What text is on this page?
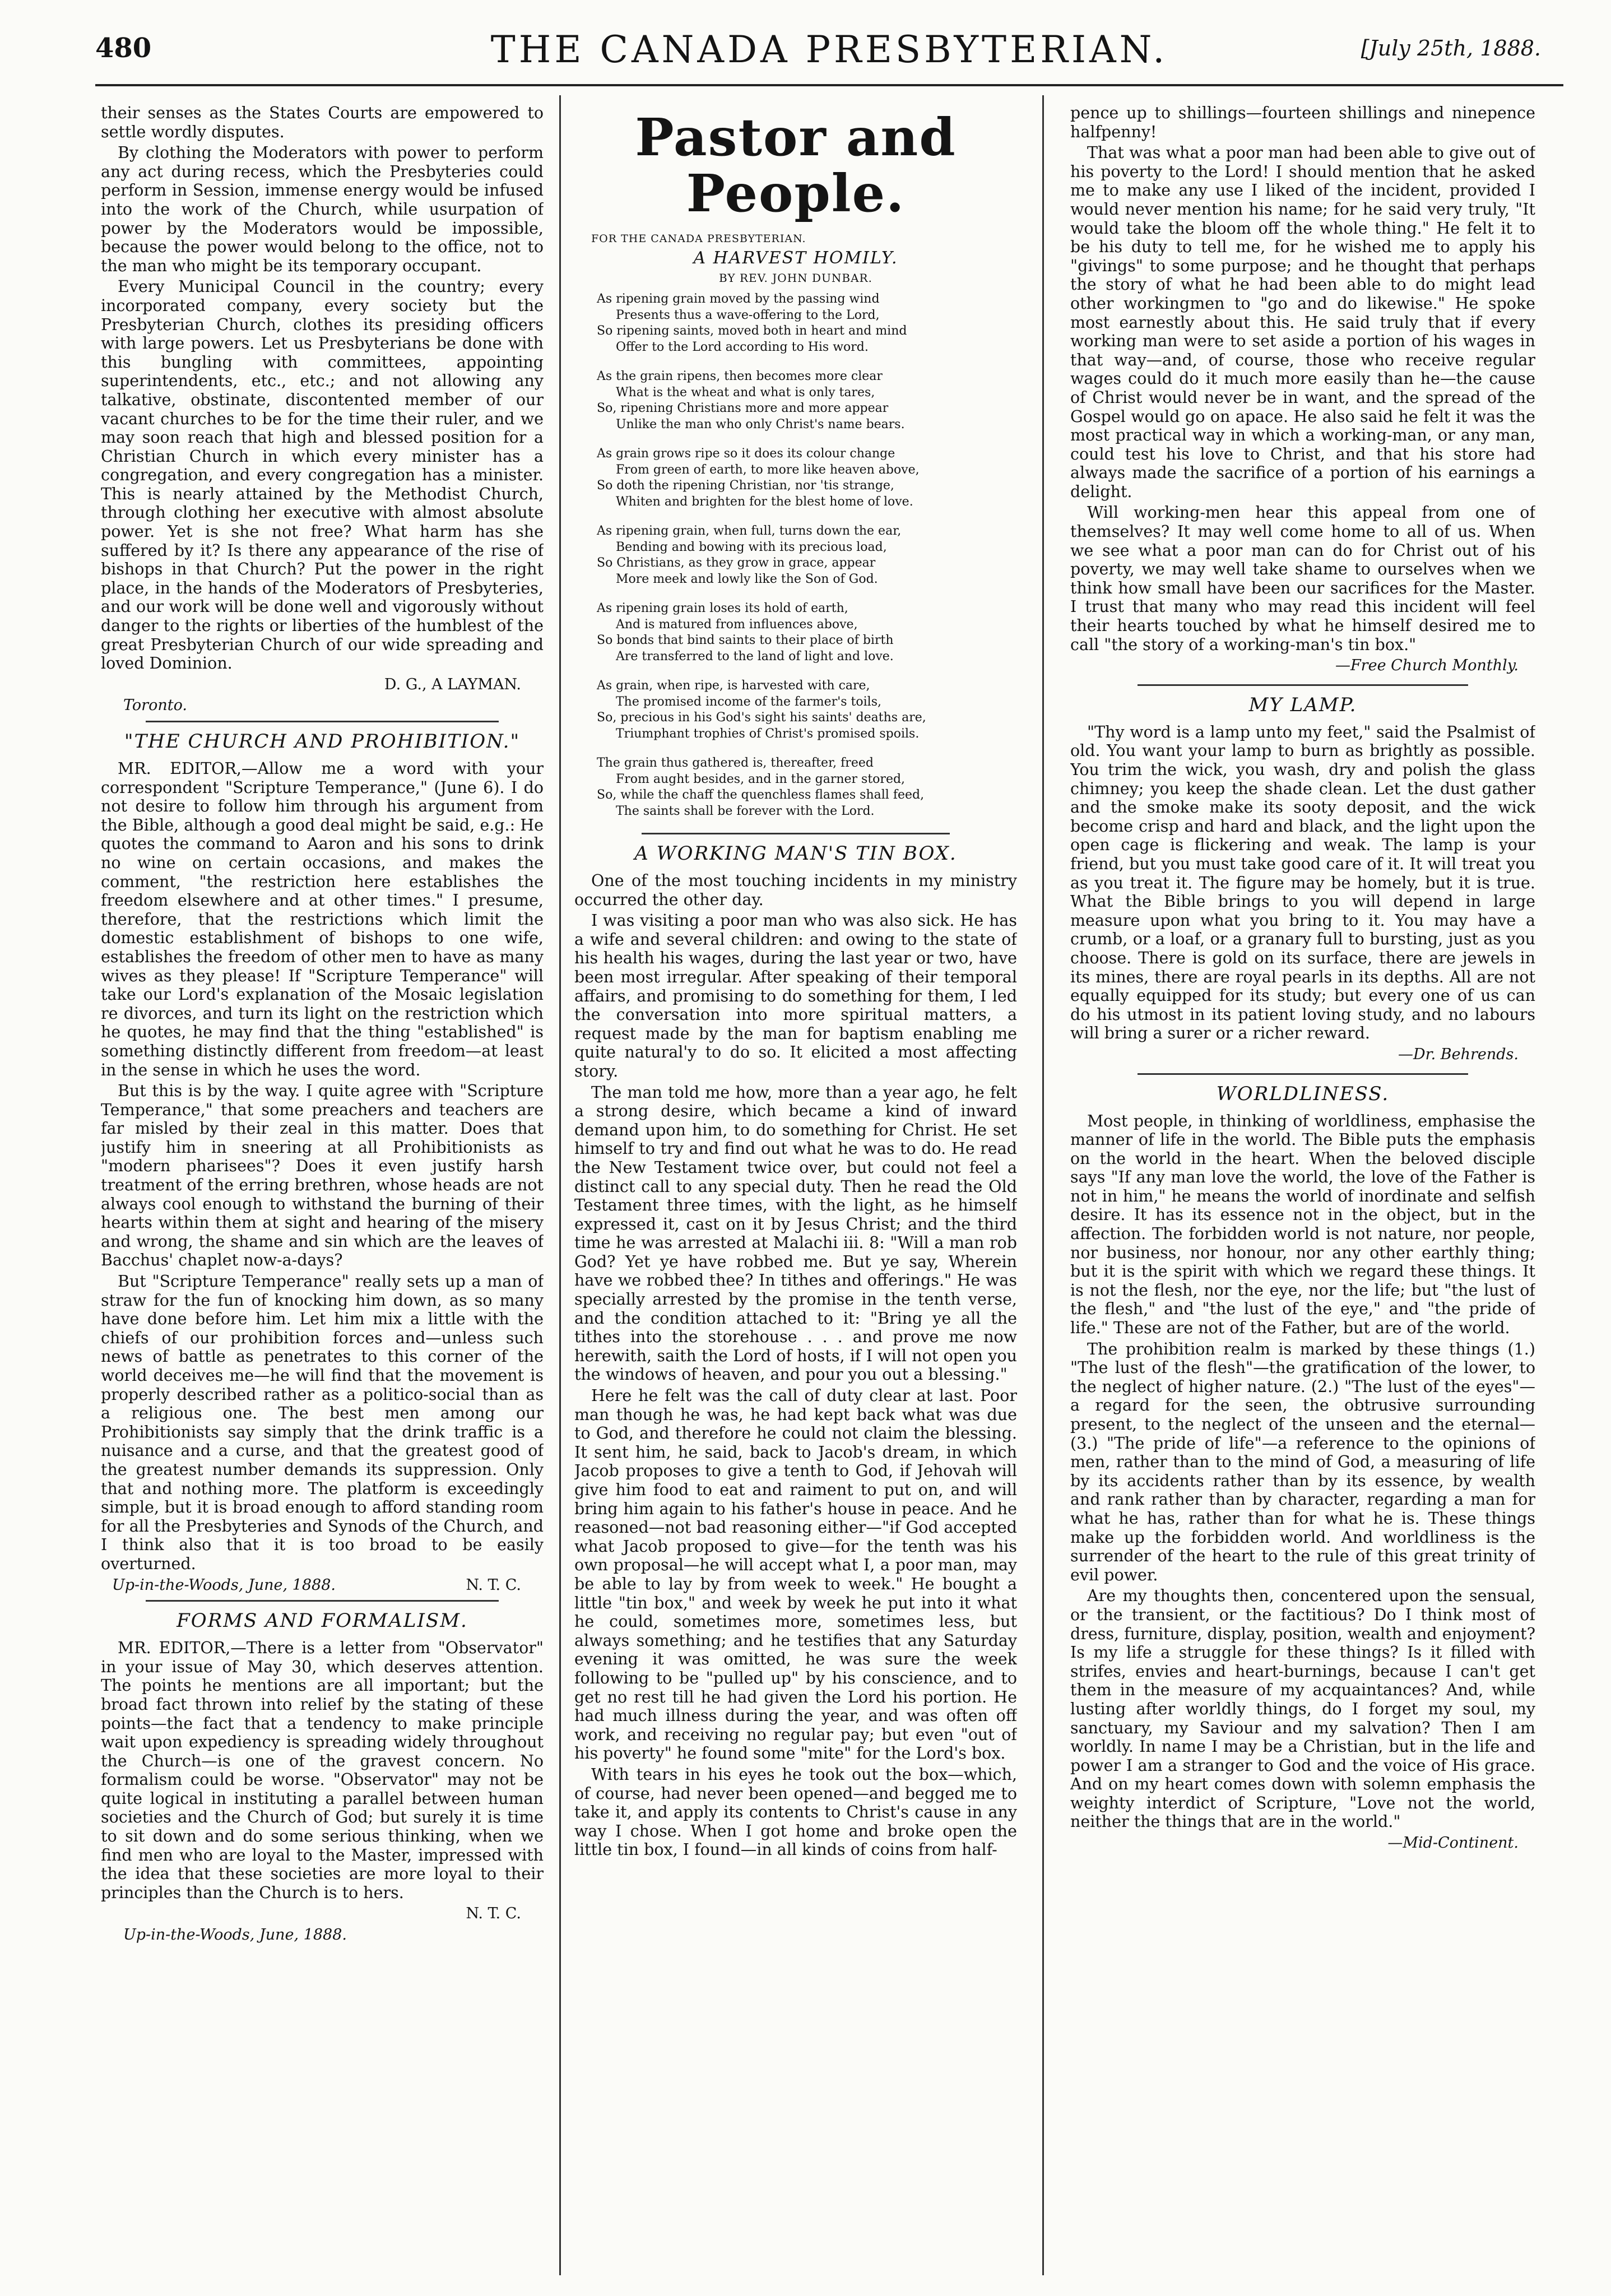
480	THE CANADA PRESBYTERIAN.	[July 25th, 1888.

their senses as the States Courts are empowered to settle wordly disputes.

By clothing the Moderators with power to perform any act during recess, which the Presbyteries could perform in Session, immense energy would be infused into the work of the Church, while usurpation of power by the Moderators would be impossible, because the power would belong to the office, not to the man who might be its temporary occupant.

Every Municipal Council in the country; every incorporated company, every society but the Presbyterian Church, clothes its presiding officers with large powers. Let us Presbyterians be done with this bungling with committees, appointing superintendents, etc., etc.; and not allowing any talkative, obstinate, discontented member of our vacant churches to be for the time their ruler, and we may soon reach that high and blessed position for a Christian Church in which every minister has a congregation, and every congregation has a minister. This is nearly attained by the Methodist Church, through clothing her executive with almost absolute power. Yet is she not free? What harm has she suffered by it? Is there any appearance of the rise of bishops in that Church? Put the power in the right place, in the hands of the Moderators of Presbyteries, and our work will be done well and vigorously without danger to the rights or liberties of the humblest of the great Presbyterian Church of our wide spreading and loved Dominion.

D. G., A LAYMAN.

Toronto.

"THE CHURCH AND PROHIBITION."

MR. EDITOR,—Allow me a word with your correspondent "Scripture Temperance," (June 6). I do not desire to follow him through his argument from the Bible, although a good deal might be said, e.g.: He quotes the command to Aaron and his sons to drink no wine on certain occasions, and makes the comment, "the restriction here establishes the freedom elsewhere and at other times." I presume, therefore, that the restrictions which limit the domestic establishment of bishops to one wife, establishes the freedom of other men to have as many wives as they please! If "Scripture Temperance" will take our Lord's explanation of the Mosaic legislation re divorces, and turn its light on the restriction which he quotes, he may find that the thing "established" is something distinctly different from freedom—at least in the sense in which he uses the word.

But this is by the way. I quite agree with "Scripture Temperance," that some preachers and teachers are far misled by their zeal in this matter. Does that justify him in sneering at all Prohibitionists as "modern pharisees"? Does it even justify harsh treatment of the erring brethren, whose heads are not always cool enough to withstand the burning of their hearts within them at sight and hearing of the misery and wrong, the shame and sin which are the leaves of Bacchus' chaplet now-a-days?

But "Scripture Temperance" really sets up a man of straw for the fun of knocking him down, as so many have done before him. Let him mix a little with the chiefs of our prohibition forces and—unless such news of battle as penetrates to this corner of the world deceives me—he will find that the movement is properly described rather as a politico-social than as a religious one. The best men among our Prohibitionists say simply that the drink traffic is a nuisance and a curse, and that the greatest good of the greatest number demands its suppression. Only that and nothing more. The platform is exceedingly simple, but it is broad enough to afford standing room for all the Presbyteries and Synods of the Church, and I think also that it is too broad to be easily overturned.

Up-in-the-Woods, June, 1888.	N. T. C.

FORMS AND FORMALISM.

MR. EDITOR,—There is a letter from "Observator" in your issue of May 30, which deserves attention. The points he mentions are all important; but the broad fact thrown into relief by the stating of these points—the fact that a tendency to make principle wait upon expediency is spreading widely throughout the Church—is one of the gravest concern. No formalism could be worse. "Observator" may not be quite logical in instituting a parallel between human societies and the Church of God; but surely it is time to sit down and do some serious thinking, when we find men who are loyal to the Master, impressed with the idea that these societies are more loyal to their principles than the Church is to hers.

N. T. C.

Up-in-the-Woods, June, 1888.

Pastor and People.
FOR THE CANADA PRESBYTERIAN.
A HARVEST HOMILY.
BY REV. JOHN DUNBAR.
As ripening grain moved by the passing wind
Presents thus a wave-offering to the Lord,
So ripening saints, moved both in heart and mind
Offer to the Lord according to His word.
As the grain ripens, then becomes more clear
What is the wheat and what is only tares,
So, ripening Christians more and more appear
Unlike the man who only Christ's name bears.
As grain grows ripe so it does its colour change
From green of earth, to more like heaven above,
So doth the ripening Christian, nor 'tis strange,
Whiten and brighten for the blest home of love.
As ripening grain, when full, turns down the ear,
Bending and bowing with its precious load,
So Christians, as they grow in grace, appear
More meek and lowly like the Son of God.
As ripening grain loses its hold of earth,
And is matured from influences above,
So bonds that bind saints to their place of birth
Are transferred to the land of light and love.
As grain, when ripe, is harvested with care,
The promised income of the farmer's toils,
So, precious in his God's sight his saints' deaths are,
Triumphant trophies of Christ's promised spoils.
The grain thus gathered is, thereafter, freed
From aught besides, and in the garner stored,
So, while the chaff the quenchless flames shall feed,
The saints shall be forever with the Lord.
A WORKING MAN'S TIN BOX.

One of the most touching incidents in my ministry occurred the other day.

I was visiting a poor man who was also sick. He has a wife and several children: and owing to the state of his health his wages, during the last year or two, have been most irregular. After speaking of their temporal affairs, and promising to do something for them, I led the conversation into more spiritual matters, a request made by the man for baptism enabling me quite natural'y to do so. It elicited a most affecting story.

The man told me how, more than a year ago, he felt a strong desire, which became a kind of inward demand upon him, to do something for Christ. He set himself to try and find out what he was to do. He read the New Testament twice over, but could not feel a distinct call to any special duty. Then he read the Old Testament three times, with the light, as he himself expressed it, cast on it by Jesus Christ; and the third time he was arrested at Malachi iii. 8: "Will a man rob God? Yet ye have robbed me. But ye say, Wherein have we robbed thee? In tithes and offerings." He was specially arrested by the promise in the tenth verse, and the condition attached to it: "Bring ye all the tithes into the storehouse . . . and prove me now herewith, saith the Lord of hosts, if I will not open you the windows of heaven, and pour you out a blessing."

Here he felt was the call of duty clear at last. Poor man though he was, he had kept back what was due to God, and therefore he could not claim the blessing. It sent him, he said, back to Jacob's dream, in which Jacob proposes to give a tenth to God, if Jehovah will give him food to eat and raiment to put on, and will bring him again to his father's house in peace. And he reasoned—not bad reasoning either—"if God accepted what Jacob proposed to give—for the tenth was his own proposal—he will accept what I, a poor man, may be able to lay by from week to week." He bought a little "tin box," and week by week he put into it what he could, sometimes more, sometimes less, but always something; and he testifies that any Saturday evening it was omitted, he was sure the week following to be "pulled up" by his conscience, and to get no rest till he had given the Lord his portion. He had much illness during the year, and was often off work, and receiving no regular pay; but even "out of his poverty" he found some "mite" for the Lord's box.

With tears in his eyes he took out the box—which, of course, had never been opened—and begged me to take it, and apply its contents to Christ's cause in any way I chose. When I got home and broke open the little tin box, I found—in all kinds of coins from half-

pence up to shillings—fourteen shillings and ninepence halfpenny!

That was what a poor man had been able to give out of his poverty to the Lord! I should mention that he asked me to make any use I liked of the incident, provided I would never mention his name; for he said very truly, "It would take the bloom off the whole thing." He felt it to be his duty to tell me, for he wished me to apply his "givings" to some purpose; and he thought that perhaps the story of what he had been able to do might lead other workingmen to "go and do likewise." He spoke most earnestly about this. He said truly that if every working man were to set aside a portion of his wages in that way—and, of course, those who receive regular wages could do it much more easily than he—the cause of Christ would never be in want, and the spread of the Gospel would go on apace. He also said he felt it was the most practical way in which a working-man, or any man, could test his love to Christ, and that his store had always made the sacrifice of a portion of his earnings a delight.

Will working-men hear this appeal from one of themselves? It may well come home to all of us. When we see what a poor man can do for Christ out of his poverty, we may well take shame to ourselves when we think how small have been our sacrifices for the Master. I trust that many who may read this incident will feel their hearts touched by what he himself desired me to call "the story of a working-man's tin box."

—Free Church Monthly.

MY LAMP.

"Thy word is a lamp unto my feet," said the Psalmist of old. You want your lamp to burn as brightly as possible. You trim the wick, you wash, dry and polish the glass chimney; you keep the shade clean. Let the dust gather and the smoke make its sooty deposit, and the wick become crisp and hard and black, and the light upon the open cage is flickering and weak. The lamp is your friend, but you must take good care of it. It will treat you as you treat it. The figure may be homely, but it is true. What the Bible brings to you will depend in large measure upon what you bring to it. You may have a crumb, or a loaf, or a granary full to bursting, just as you choose. There is gold on its surface, there are jewels in its mines, there are royal pearls in its depths. All are not equally equipped for its study; but every one of us can do his utmost in its patient loving study, and no labours will bring a surer or a richer reward.

—Dr. Behrends.

WORLDLINESS.

Most people, in thinking of worldliness, emphasise the manner of life in the world. The Bible puts the emphasis on the world in the heart. When the beloved disciple says "If any man love the world, the love of the Father is not in him," he means the world of inordinate and selfish desire. It has its essence not in the object, but in the affection. The forbidden world is not nature, nor people, nor business, nor honour, nor any other earthly thing; but it is the spirit with which we regard these things. It is not the flesh, nor the eye, nor the life; but "the lust of the flesh," and "the lust of the eye," and "the pride of life." These are not of the Father, but are of the world.

The prohibition realm is marked by these things (1.) "The lust of the flesh"—the gratification of the lower, to the neglect of higher nature. (2.) "The lust of the eyes"—a regard for the seen, the obtrusive surrounding present, to the neglect of the unseen and the eternal—(3.) "The pride of life"—a reference to the opinions of men, rather than to the mind of God, a measuring of life by its accidents rather than by its essence, by wealth and rank rather than by character, regarding a man for what he has, rather than for what he is. These things make up the forbidden world. And worldliness is the surrender of the heart to the rule of this great trinity of evil power.

Are my thoughts then, concentered upon the sensual, or the transient, or the factitious? Do I think most of dress, furniture, display, position, wealth and enjoyment? Is my life a struggle for these things? Is it filled with strifes, envies and heart-burnings, because I can't get them in the measure of my acquaintances? And, while lusting after worldly things, do I forget my soul, my sanctuary, my Saviour and my salvation? Then I am worldly. In name I may be a Christian, but in the life and power I am a stranger to God and the voice of His grace. And on my heart comes down with solemn emphasis the weighty interdict of Scripture, "Love not the world, neither the things that are in the world."

—Mid-Continent.
